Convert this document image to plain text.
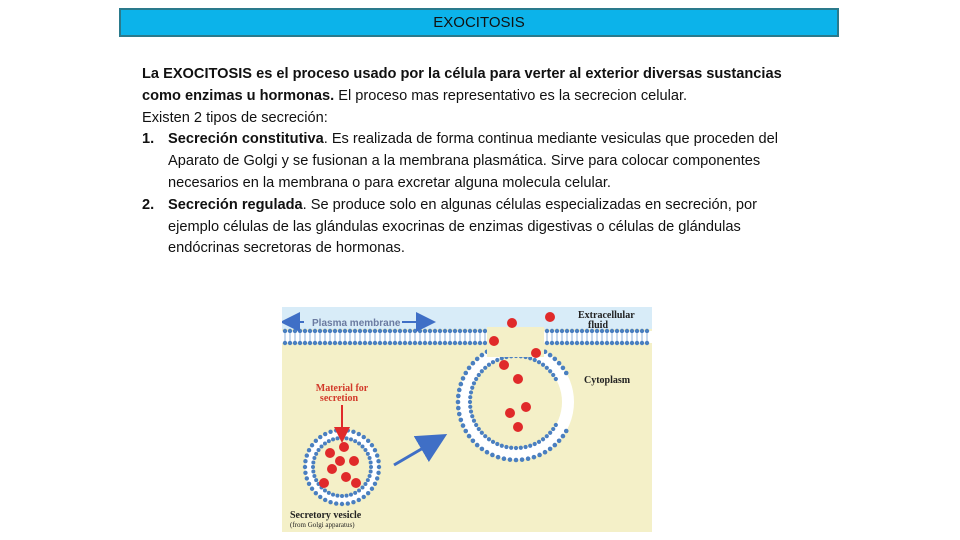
EXOCITOSIS

La EXOCITOSIS es el proceso usado por la célula para verter al exterior diversas sustancias como enzimas u hormonas. El proceso mas representativo es la secrecion celular.

Existen 2 tipos de secreción:

1. Secreción constitutiva. Es realizada de forma continua mediante vesiculas que proceden del Aparato de Golgi y se fusionan a la membrana plasmática. Sirve para colocar componentes necesarios en la membrana o para excretar alguna molecula celular.
2. Secreción regulada. Se produce solo en algunas células especializadas en secreción, por ejemplo células de las glándulas exocrinas de enzimas digestivas o células de glándulas endócrinas secretoras de hormonas.
Plasma membrane
Extracellular
fluid
Cytoplasm
Material for
secretion
Secretory vesicle
(from Golgi apparatus)
